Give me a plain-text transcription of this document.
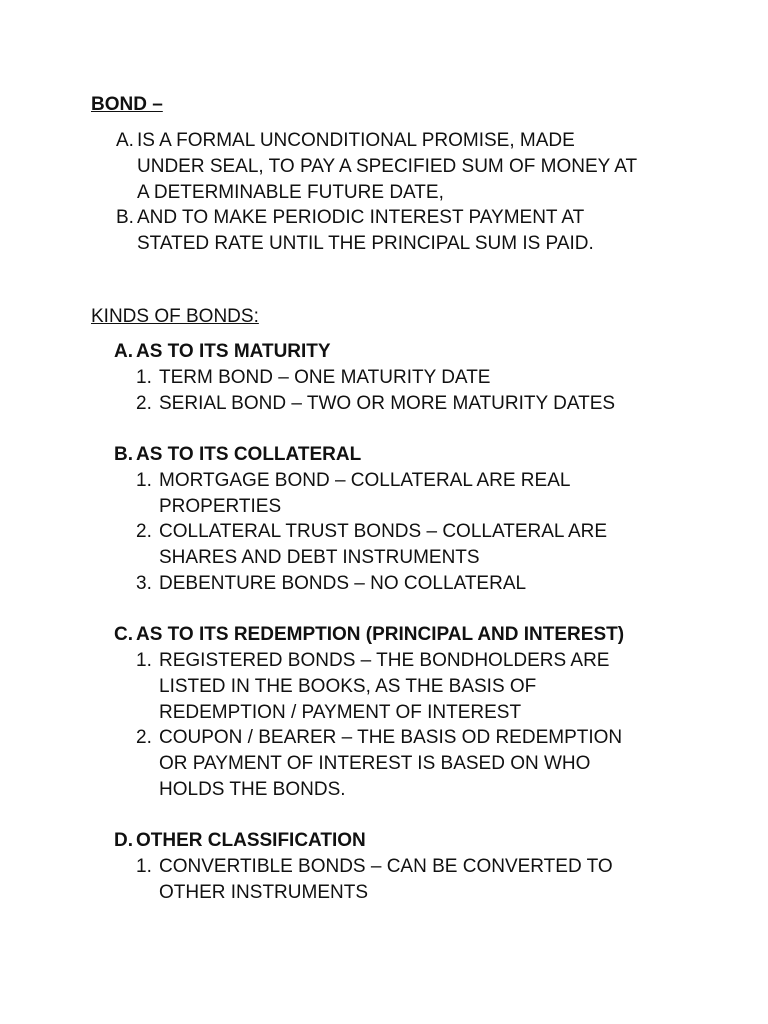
BOND –
A. IS A FORMAL UNCONDITIONAL PROMISE, MADE
UNDER SEAL, TO PAY A SPECIFIED SUM OF MONEY AT
A DETERMINABLE FUTURE DATE,
B. AND TO MAKE PERIODIC INTEREST PAYMENT AT
STATED RATE UNTIL THE PRINCIPAL SUM IS PAID.
KINDS OF BONDS:
A. AS TO ITS MATURITY
1. TERM BOND – ONE MATURITY DATE
2. SERIAL BOND – TWO OR MORE MATURITY DATES
B. AS TO ITS COLLATERAL
1. MORTGAGE BOND – COLLATERAL ARE REAL
PROPERTIES
2. COLLATERAL TRUST BONDS – COLLATERAL ARE
SHARES AND DEBT INSTRUMENTS
3. DEBENTURE BONDS – NO COLLATERAL
C. AS TO ITS REDEMPTION (PRINCIPAL AND INTEREST)
1. REGISTERED BONDS – THE BONDHOLDERS ARE
LISTED IN THE BOOKS, AS THE BASIS OF
REDEMPTION / PAYMENT OF INTEREST
2. COUPON / BEARER – THE BASIS OD REDEMPTION
OR PAYMENT OF INTEREST IS BASED ON WHO
HOLDS THE BONDS.
D. OTHER CLASSIFICATION
1. CONVERTIBLE BONDS – CAN BE CONVERTED TO
OTHER INSTRUMENTS
